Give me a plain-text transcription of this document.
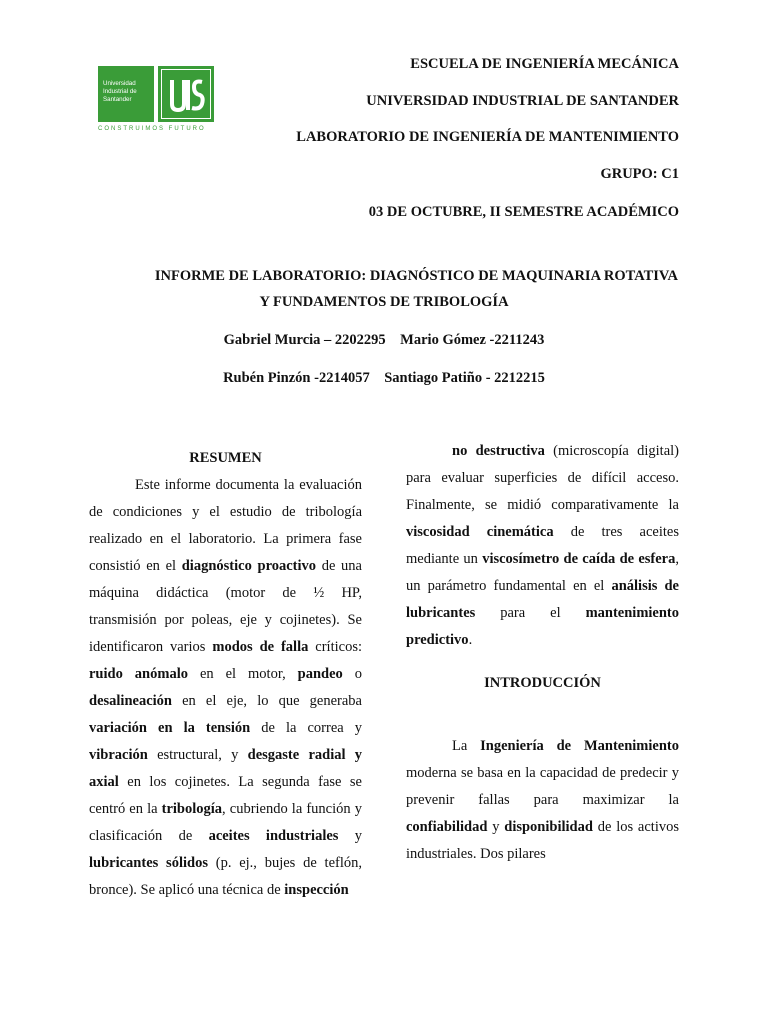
Universidad
Industrial de
Santander
CONSTRUIMOS FUTURO
ESCUELA DE INGENIERÍA MECÁNICA
UNIVERSIDAD INDUSTRIAL DE SANTANDER
LABORATORIO DE INGENIERÍA DE MANTENIMIENTO
GRUPO: C1
03 DE OCTUBRE, II SEMESTRE ACADÉMICO
INFORME DE LABORATORIO: DIAGNÓSTICO DE MAQUINARIA ROTATIVA
Y FUNDAMENTOS DE TRIBOLOGÍA
Gabriel Murcia – 2202295    Mario Gómez -2211243
Rubén Pinzón -2214057    Santiago Patiño - 2212215

RESUMEN

Este informe documenta la evaluación de condiciones y el estudio de tribología realizado en el laboratorio. La primera fase consistió en el diagnóstico proactivo de una máquina didáctica (motor de ½ HP, transmisión por poleas, eje y cojinetes). Se identificaron varios modos de falla críticos: ruido anómalo en el motor, pandeo o desalineación en el eje, lo que generaba variación en la tensión de la correa y vibración estructural, y desgaste radial y axial en los cojinetes. La segunda fase se centró en la tribología, cubriendo la función y clasificación de aceites industriales y lubricantes sólidos (p. ej., bujes de teflón, bronce). Se aplicó una técnica de inspección

no destructiva (microscopía digital) para evaluar superficies de difícil acceso. Finalmente, se midió comparativamente la viscosidad cinemática de tres aceites mediante un viscosímetro de caída de esfera, un parámetro fundamental en el análisis de lubricantes para el mantenimiento predictivo.

INTRODUCCIÓN

La Ingeniería de Mantenimiento moderna se basa en la capacidad de predecir y prevenir fallas para maximizar la confiabilidad y disponibilidad de los activos industriales. Dos pilares
